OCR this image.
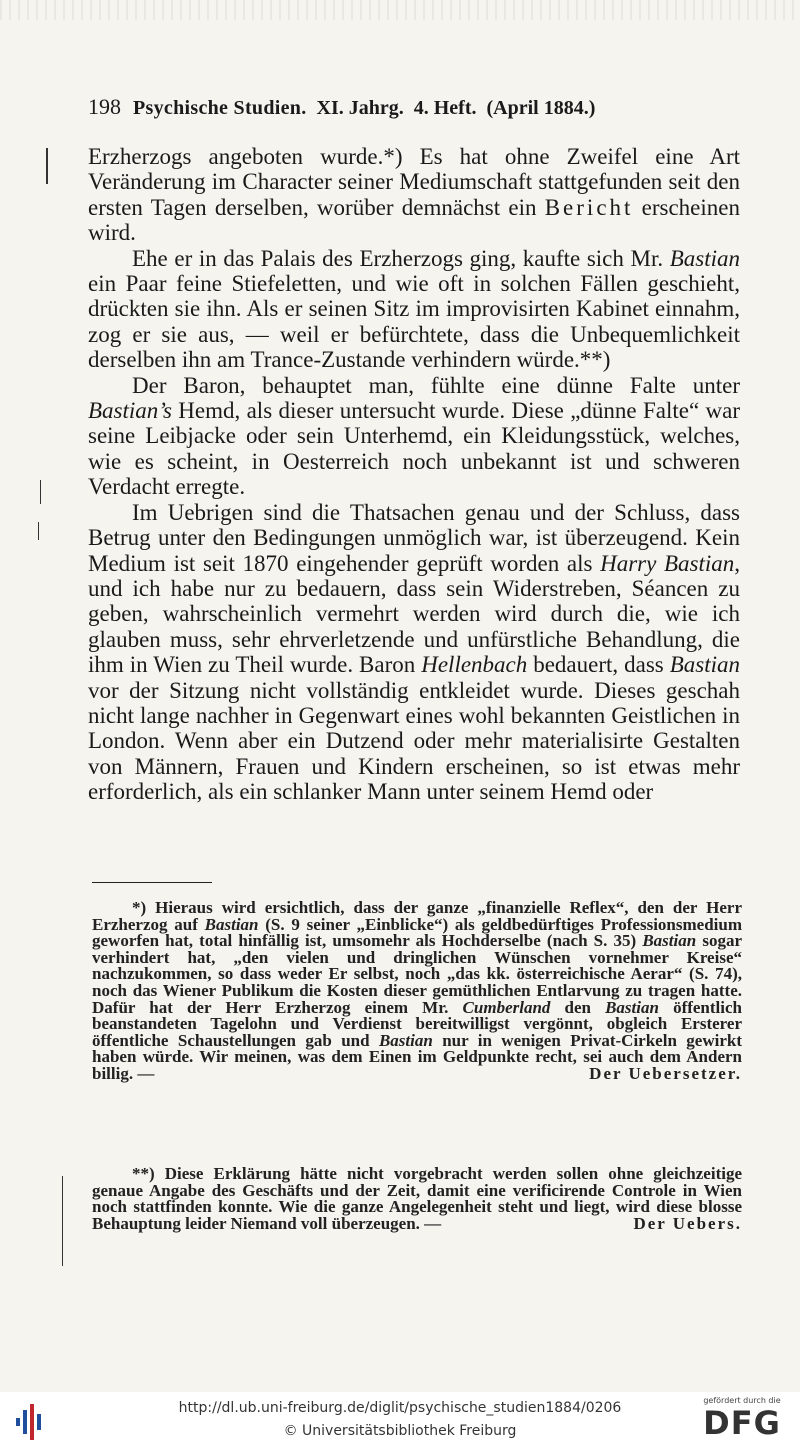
198 Psychische Studien. XI. Jahrg. 4. Heft. (April 1884.)

Erzherzogs angeboten wurde.*) Es hat ohne Zweifel eine Art Veränderung im Character seiner Mediumschaft stattgefunden seit den ersten Tagen derselben, worüber demnächst ein Bericht erscheinen wird.

Ehe er in das Palais des Erzherzogs ging, kaufte sich Mr. Bastian ein Paar feine Stiefeletten, und wie oft in solchen Fällen geschieht, drückten sie ihn. Als er seinen Sitz im improvisirten Kabinet einnahm, zog er sie aus, — weil er befürchtete, dass die Unbequemlichkeit derselben ihn am Trance-Zustande verhindern würde.**)

Der Baron, behauptet man, fühlte eine dünne Falte unter Bastian’s Hemd, als dieser untersucht wurde. Diese „dünne Falte“ war seine Leibjacke oder sein Unterhemd, ein Kleidungsstück, welches, wie es scheint, in Oesterreich noch unbekannt ist und schweren Verdacht erregte.

Im Uebrigen sind die Thatsachen genau und der Schluss, dass Betrug unter den Bedingungen unmöglich war, ist überzeugend. Kein Medium ist seit 1870 eingehender geprüft worden als Harry Bastian, und ich habe nur zu bedauern, dass sein Widerstreben, Séancen zu geben, wahrscheinlich vermehrt werden wird durch die, wie ich glauben muss, sehr ehrverletzende und unfürstliche Behandlung, die ihm in Wien zu Theil wurde. Baron Hellenbach bedauert, dass Bastian vor der Sitzung nicht vollständig entkleidet wurde. Dieses geschah nicht lange nachher in Gegenwart eines wohl bekannten Geistlichen in London. Wenn aber ein Dutzend oder mehr materialisirte Gestalten von Männern, Frauen und Kindern erscheinen, so ist etwas mehr erforderlich, als ein schlanker Mann unter seinem Hemd oder

*) Hieraus wird ersichtlich, dass der ganze „finanzielle Reflex“, den der Herr Erzherzog auf Bastian (S. 9 seiner „Einblicke“) als geldbedürftiges Professionsmedium geworfen hat, total hinfällig ist, umsomehr als Hochderselbe (nach S. 35) Bastian sogar verhindert hat, „den vielen und dringlichen Wünschen vornehmer Kreise“ nachzukommen, so dass weder Er selbst, noch „das kk. österreichische Aerar“ (S. 74), noch das Wiener Publikum die Kosten dieser gemüthlichen Entlarvung zu tragen hatte. Dafür hat der Herr Erzherzog einem Mr. Cumberland den Bastian öffentlich beanstandeten Tagelohn und Verdienst bereitwilligst vergönnt, obgleich Ersterer öffentliche Schaustellungen gab und Bastian nur in wenigen Privat-Cirkeln gewirkt haben würde. Wir meinen, was dem Einen im Geldpunkte recht, sei auch dem Andern billig. —	Der Uebersetzer.

**) Diese Erklärung hätte nicht vorgebracht werden sollen ohne gleichzeitige genaue Angabe des Geschäfts und der Zeit, damit eine verificirende Controle in Wien noch stattfinden konnte. Wie die ganze Angelegenheit steht und liegt, wird diese blosse Behauptung leider Niemand voll überzeugen. —	Der Uebers.

http://dl.ub.uni-freiburg.de/diglit/psychische_studien1884/0206
© Universitätsbibliothek Freiburg
gefördert durch die
DFG
